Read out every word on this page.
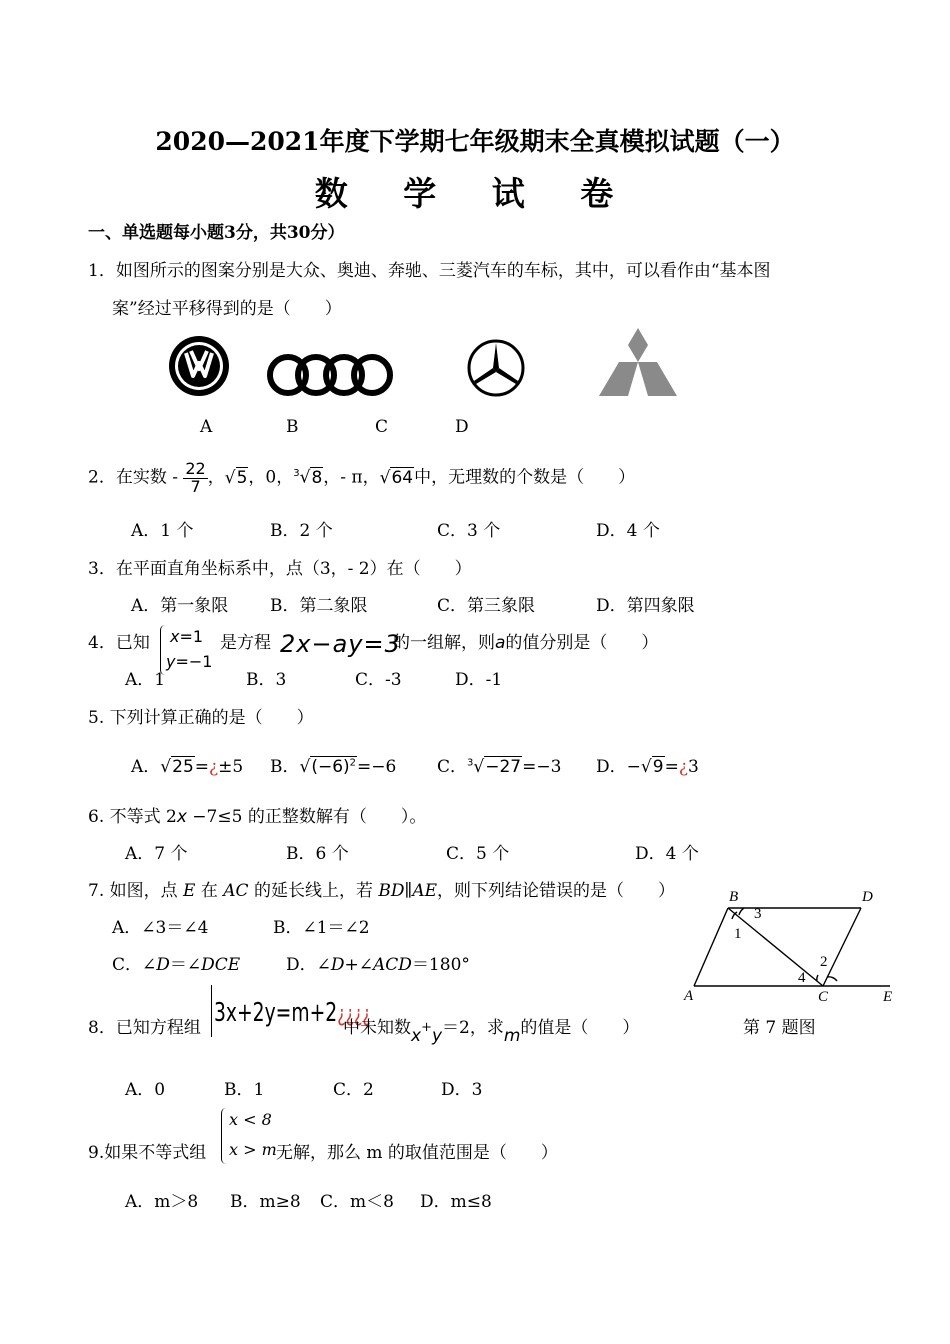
2020—2021年度下学期七年级期末全真模拟试题（一）
数 学 试 卷
一、单选题每小题3分，共30分）
1．如图所示的图案分别是大众、奥迪、奔驰、三菱汽车的车标，其中，可以看作由“基本图
案”经过平移得到的是（　　）
A	B	C	D
2．在实数 - $\frac{22}{7}$ ，√5，0，$^3$√8，- π，√64中，无理数的个数是（　　）
A．1 个	B．2 个	C．3 个	D．4 个
3．在平面直角坐标系中，点（3，- 2）在（　　）
A．第一象限 B．第二象限	C．第三象限	D．第四象限
4．已知 x=1
y=−1
是方程 2x−ay=3
的一组解，则a的值分别是（　　）
A．1	B．3	C．-3	D．-1
5. 下列计算正确的是（　　）
A．√25=¿±5 B．$√(-6)^2=-6$ C．$^3$√−27=−3 D．−√9=¿3
6. 不等式 2x −7≤5 的正整数解有（　　）。
A．7 个	B．6 个	C．5 个	D．4 个
7. 如图，点 E 在 AC 的延长线上，若 BD∥AE，则下列结论错误的是（　　）
A．∠3＝∠4	B．∠1＝∠2
C．∠D＝∠DCE	D．∠D+∠ACD＝180°
B	D
A	C	E
1
3
2
4
第 7 题图
8．已知方程组 3x+2y=m+2¿¿¿¿
中未知数x+y＝2，求m的值是（　　）
A．0	B．1	C．2	D．3
9.如果不等式组
x < 8
x > m 无解，那么 m 的取值范围是（　　）
A．m＞8 B．m≥8 C．m＜8 D．m≤8
